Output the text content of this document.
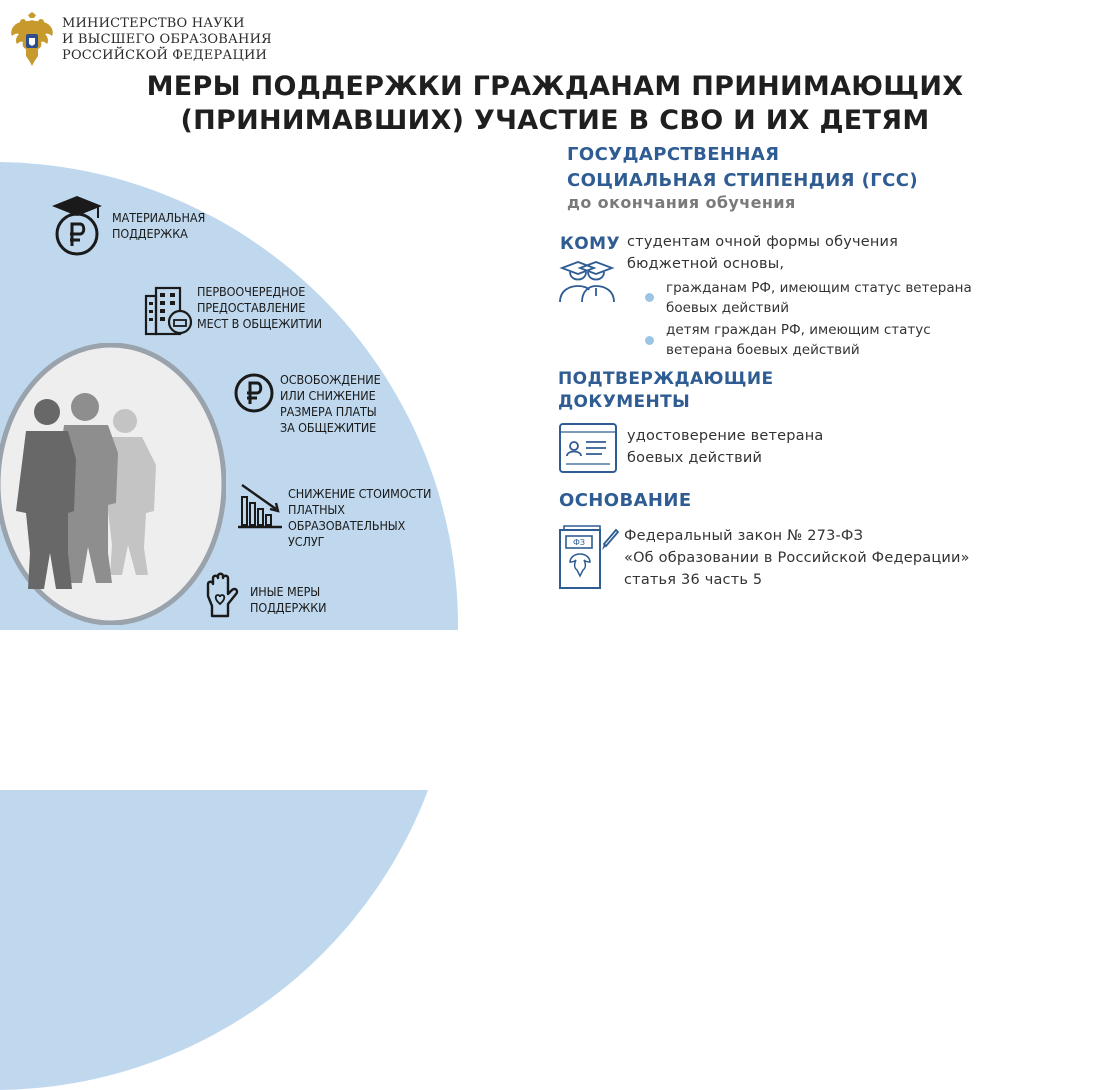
МИНИСТЕРСТВО НАУКИ
И ВЫСШЕГО ОБРАЗОВАНИЯ
РОССИЙСКОЙ ФЕДЕРАЦИИ
МЕРЫ ПОДДЕРЖКИ ГРАЖДАНАМ ПРИНИМАЮЩИХ
(ПРИНИМАВШИХ) УЧАСТИЕ В СВО И ИХ ДЕТЯМ
МАТЕРИАЛЬНАЯ
ПОДДЕРЖКА
ПЕРВООЧЕРЕДНОЕ
ПРЕДОСТАВЛЕНИЕ
МЕСТ В ОБЩЕЖИТИИ
ОСВОБОЖДЕНИЕ
ИЛИ СНИЖЕНИЕ
РАЗМЕРА ПЛАТЫ
ЗА ОБЩЕЖИТИЕ
СНИЖЕНИЕ СТОИМОСТИ
ПЛАТНЫХ
ОБРАЗОВАТЕЛЬНЫХ
УСЛУГ
ИНЫЕ МЕРЫ
ПОДДЕРЖКИ
ГОСУДАРСТВЕННАЯ
СОЦИАЛЬНАЯ СТИПЕНДИЯ (ГСС)
до окончания обучения
КОМУ студентам очной формы обучения
бюджетной основы,
гражданам РФ, имеющим статус ветерана
боевых действий
детям граждан РФ, имеющим статус
ветерана боевых действий
ПОДТВЕРЖДАЮЩИЕ
ДОКУМЕНТЫ
удостоверение ветерана
боевых действий
ОСНОВАНИЕ
ФЗ	Федеральный закон № 273-ФЗ
«Об образовании в Российской Федерации»
статья 36 часть 5
